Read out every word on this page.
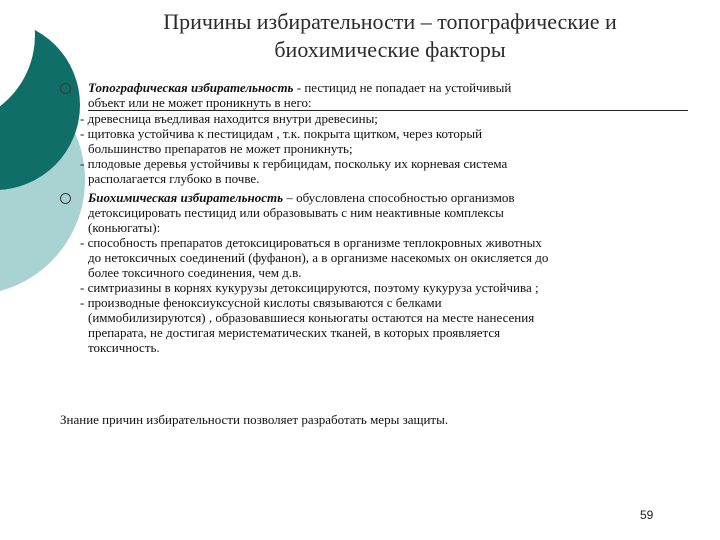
Причины избирательности – топографические и
биохимические факторы
Топографическая избирательность - пестицид не попадает на устойчивый
объект или не может проникнуть в него:
- древесница въедливая находится внутри древесины;
- щитовка устойчива к пестицидам , т.к. покрыта щитком, через который
большинство препаратов не может проникнуть;
- плодовые деревья устойчивы к гербицидам, поскольку их корневая система
располагается глубоко в почве.
Биохимическая избирательность – обусловлена способностью организмов
детоксицировать пестицид или образовывать с ним неактивные комплексы
(коньюгаты):
- способность препаратов детоксицироваться в организме теплокровных животных
до нетоксичных соединений (фуфанон), а в организме насекомых он окисляется до
более токсичного соединения, чем д.в.
- симтриазины в корнях кукурузы детоксицируются, поэтому кукуруза устойчива ;
- производные феноксиуксусной кислоты связываются с белками
(иммобилизируются) , образовавшиеся коньюгаты остаются на месте нанесения
препарата, не достигая меристематических тканей, в которых проявляется
токсичность.
Знание причин избирательности позволяет разработать меры защиты.
59
